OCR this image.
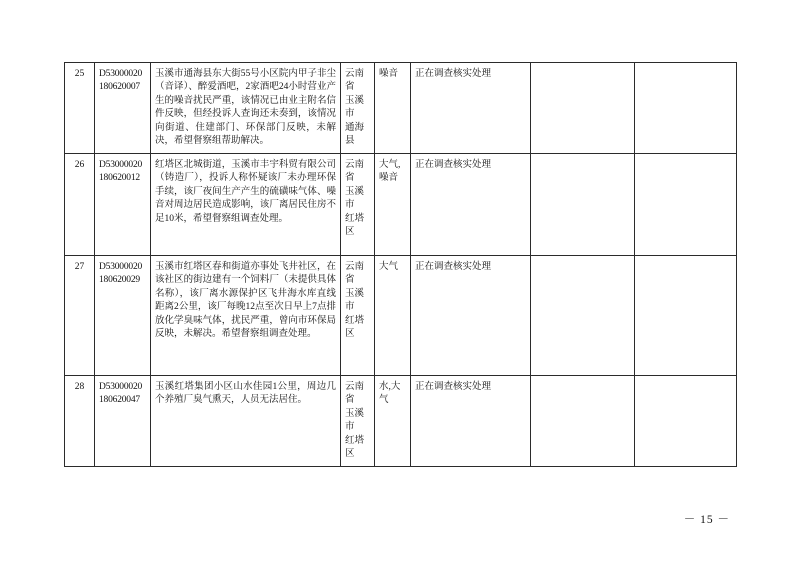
25	D53000020180620007	玉溪市通海县东大街55号小区院内甲子非尘（音译）、醉爱酒吧，2家酒吧24小时营业产生的噪音扰民严重，该情况已由业主附名信件反映，但经投诉人查询还未奏到，该情况向街道、住建部门、环保部门反映，未解决，希望督察组帮助解决。	云南省
玉溪市
通海县	噪音	正在调查核实处理		
26	D53000020180620012	红塔区北城街道，玉溪市丰宇科贸有限公司（铸造厂），投诉人称怀疑该厂未办理环保手续，该厂夜间生产产生的硫磺味气体、噪音对周边居民造成影响，该厂离居民住房不足10米，希望督察组调查处理。	云南省
玉溪市
红塔区	大气,噪音	正在调查核实处理		
27	D53000020180620029	玉溪市红塔区春和街道亦事处飞井社区，在该社区的街边建有一个饲料厂（未提供具体名称），该厂离水源保护区飞井海水库直线距离2公里，该厂每晚12点至次日早上7点排放化学臭味气体，扰民严重，曾向市环保局反映，未解决。希望督察组调查处理。	云南省
玉溪市
红塔区	大气	正在调查核实处理		
28	D53000020180620047	玉溪红塔集团小区山水佳园1公里，周边几个养殖厂臭气熏天，人员无法居住。	云南省
玉溪市
红塔区	水,大气	正在调查核实处理		
－ 15 －
